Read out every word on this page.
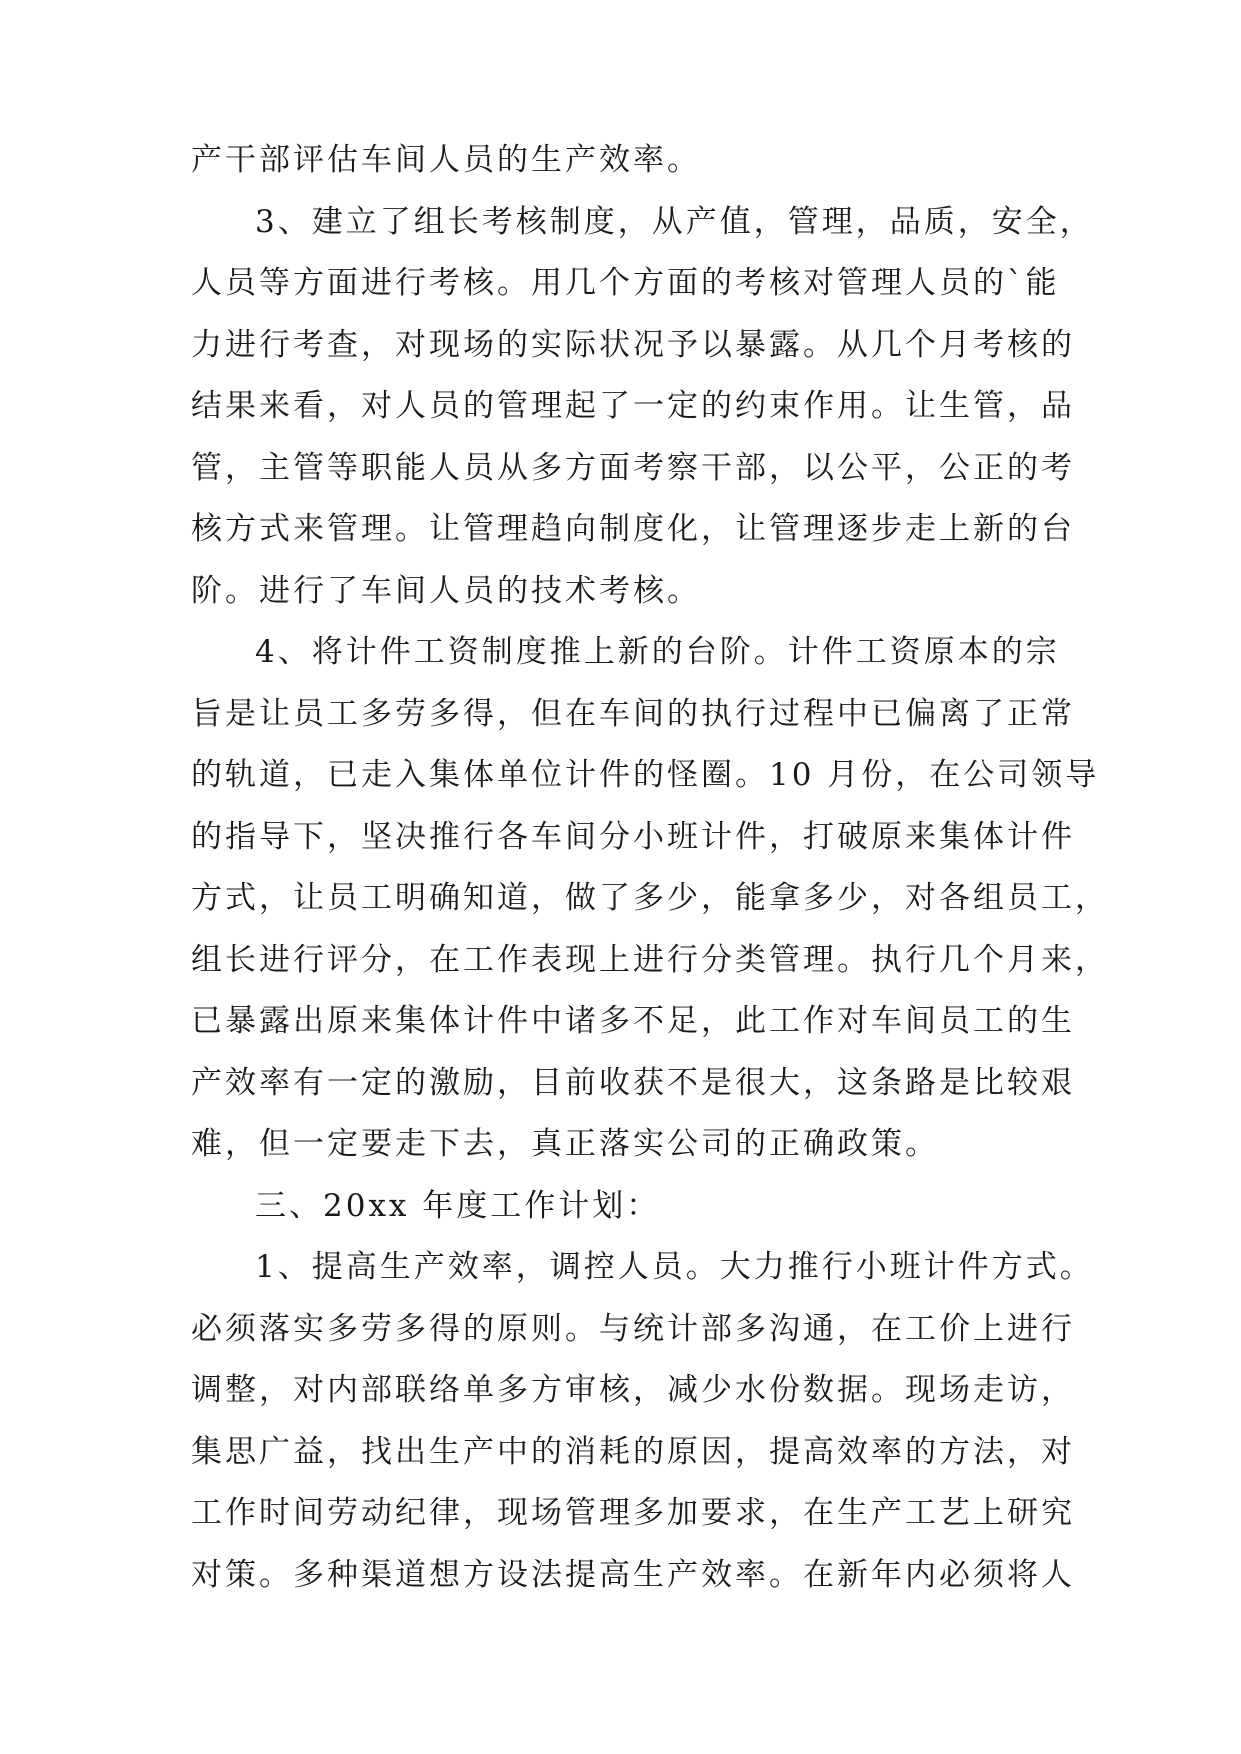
产干部评估车间人员的生产效率。
3、建立了组长考核制度，从产值，管理，品质，安全，
人员等方面进行考核。用几个方面的考核对管理人员的`能
力进行考查，对现场的实际状况予以暴露。从几个月考核的
结果来看，对人员的管理起了一定的约束作用。让生管，品
管，主管等职能人员从多方面考察干部，以公平，公正的考
核方式来管理。让管理趋向制度化，让管理逐步走上新的台
阶。进行了车间人员的技术考核。
4、将计件工资制度推上新的台阶。计件工资原本的宗
旨是让员工多劳多得，但在车间的执行过程中已偏离了正常
的轨道，已走入集体单位计件的怪圈。10 月份，在公司领导
的指导下，坚决推行各车间分小班计件，打破原来集体计件
方式，让员工明确知道，做了多少，能拿多少，对各组员工，
组长进行评分，在工作表现上进行分类管理。执行几个月来，
已暴露出原来集体计件中诸多不足，此工作对车间员工的生
产效率有一定的激励，目前收获不是很大，这条路是比较艰
难，但一定要走下去，真正落实公司的正确政策。
三、20xx 年度工作计划：
1、提高生产效率，调控人员。大力推行小班计件方式。
必须落实多劳多得的原则。与统计部多沟通，在工价上进行
调整，对内部联络单多方审核，减少水份数据。现场走访，
集思广益，找出生产中的消耗的原因，提高效率的方法，对
工作时间劳动纪律，现场管理多加要求，在生产工艺上研究
对策。多种渠道想方设法提高生产效率。在新年内必须将人
